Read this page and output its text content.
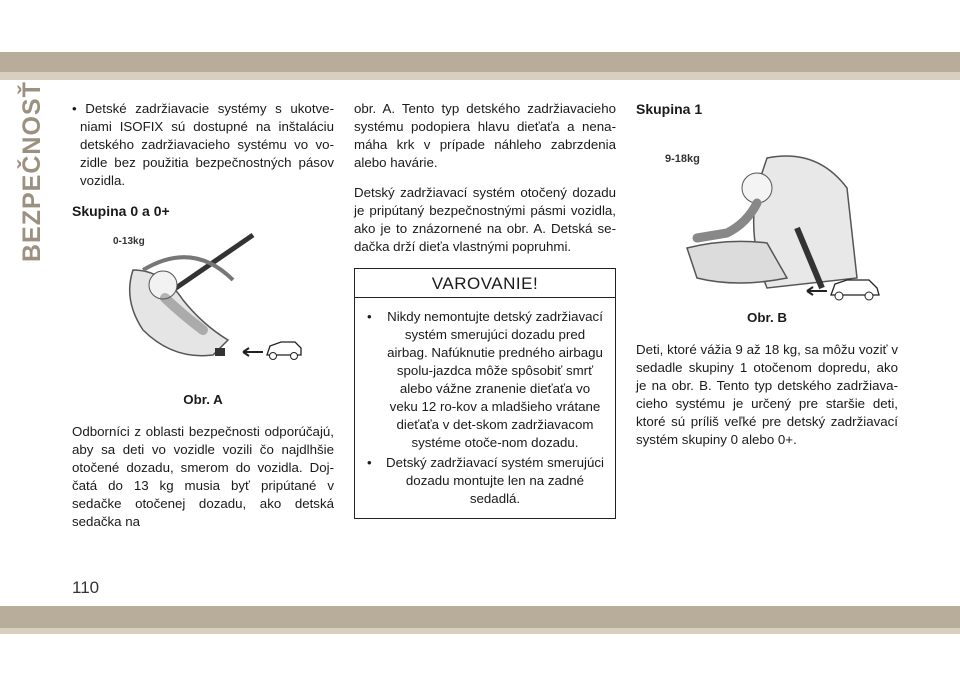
BEZPEČNOSŤ • Detské zadržiavacie systémy s ukotve-niami ISOFIX sú dostupné na inštaláciu detského zadržiavacieho systému vo vo-zidle bez použitia bezpečnostných pásov vozidla.

Skupina 0 a 0+
0-13kg
Obr. A

Odborníci z oblasti bezpečnosti odporúčajú, aby sa deti vo vozidle vozili čo najdlhšie otočené dozadu, smerom do vozidla. Doj-čatá do 13 kg musia byť pripútané v sedačke otočenej dozadu, ako detská sedačka na

obr. A. Tento typ detského zadržiavacieho systému podopiera hlavu dieťaťa a nena-máha krk v prípade náhleho zabrzdenia alebo havárie.

Detský zadržiavací systém otočený dozadu je pripútaný bezpečnostnými pásmi vozidla, ako je to znázornené na obr. A. Detská se-dačka drží dieťa vlastnými popruhmi.

VAROVANIE!
• Nikdy nemontujte detský zadržiavací systém smerujúci dozadu pred airbag. Nafúknutie predného airbagu spolu-jazdca môže spôsobiť smrť alebo vážne zranenie dieťaťa vo veku 12 ro-kov a mladšieho vrátane dieťaťa v det-skom zadržiavacom systéme otoče-nom dozadu.
• Detský zadržiavací systém smerujúci dozadu montujte len na zadné sedadlá.
Skupina 1
9-18kg
Obr. B

Deti, ktoré vážia 9 až 18 kg, sa môžu voziť v sedadle skupiny 1 otočenom dopredu, ako je na obr. B. Tento typ detského zadržiava-cieho systému je určený pre staršie deti, ktoré sú príliš veľké pre detský zadržiavací systém skupiny 0 alebo 0+.

110
